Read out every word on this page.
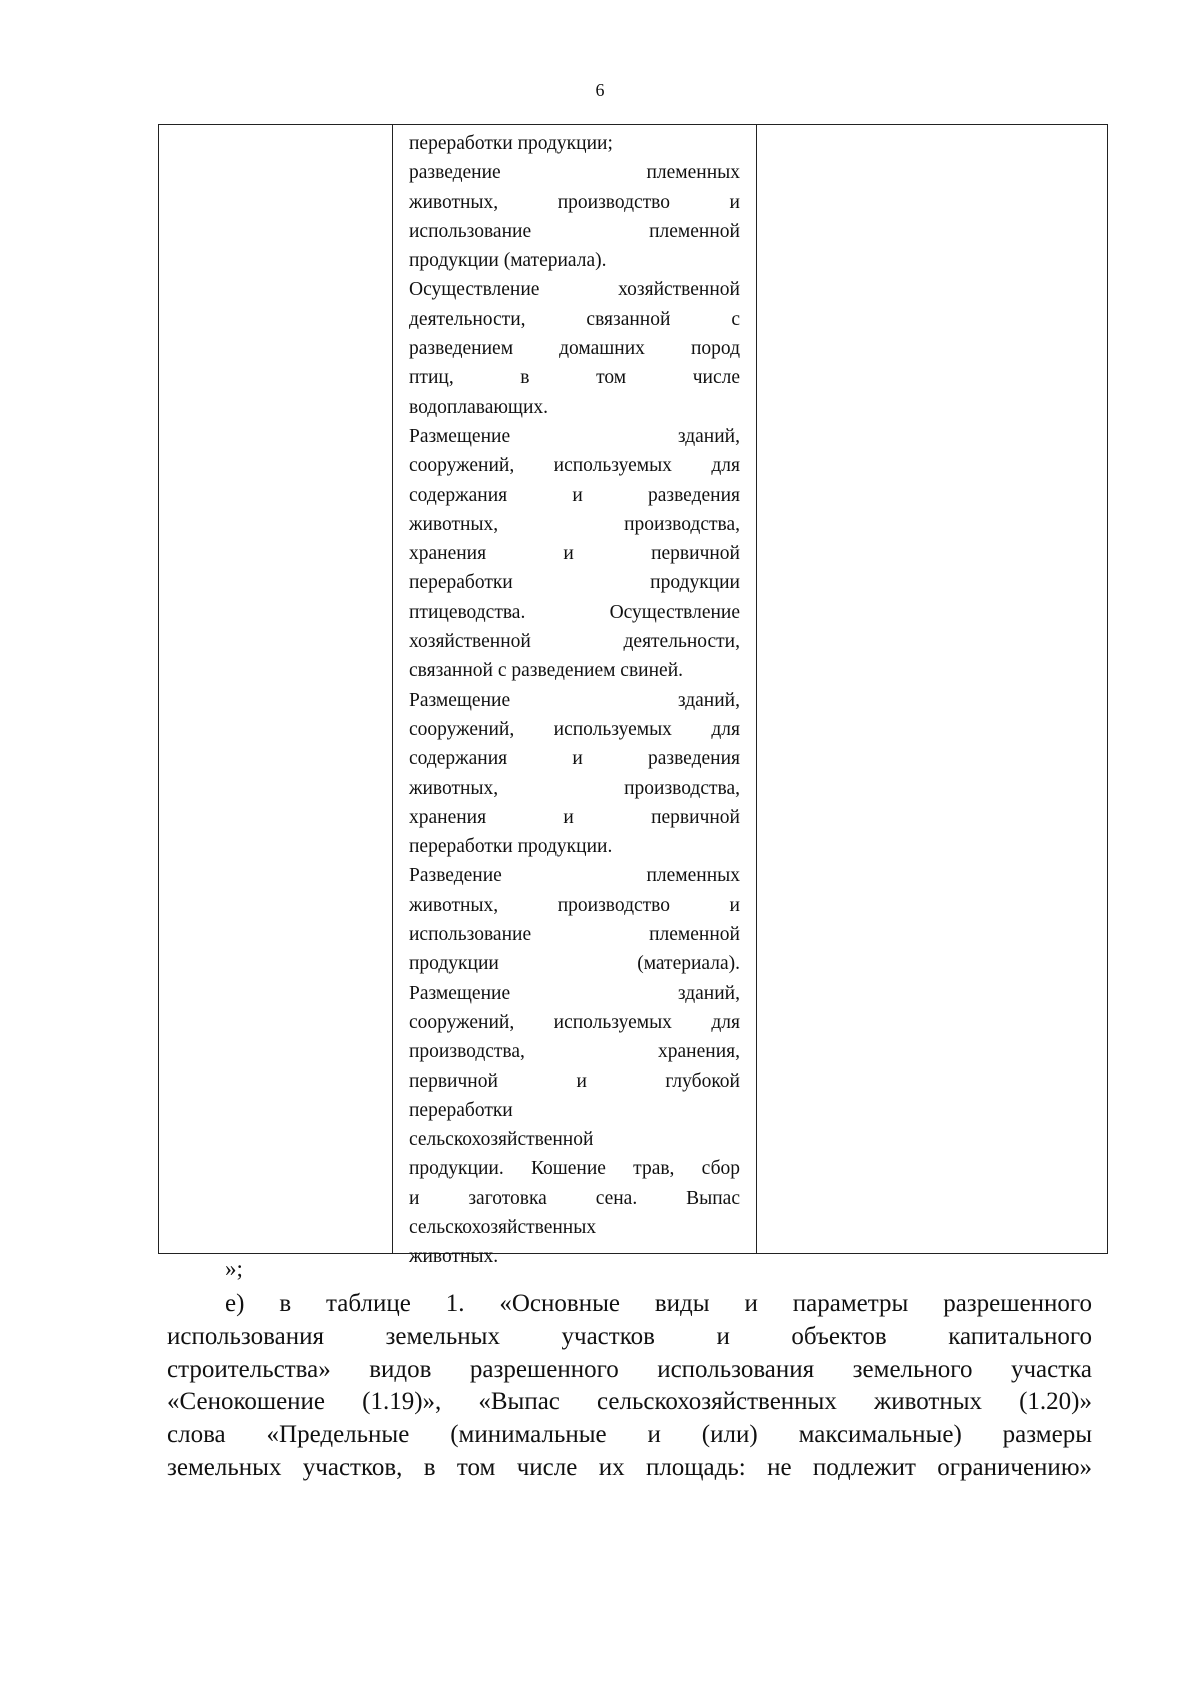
6

переработки продукции;
разведение племенных
животных, производство и
использование племенной
продукции (материала).
Осуществление хозяйственной
деятельности, связанной с
разведением домашних пород
птиц, в том числе
водоплавающих.
Размещение зданий,
сооружений, используемых для
содержания и разведения
животных, производства,
хранения и первичной
переработки продукции
птицеводства. Осуществление
хозяйственной деятельности,
связанной с разведением свиней.
Размещение зданий,
сооружений, используемых для
содержания и разведения
животных, производства,
хранения и первичной
переработки продукции.
Разведение племенных
животных, производство и
использование племенной
продукции (материала).
Размещение зданий,
сооружений, используемых для
производства, хранения,
первичной и глубокой
переработки
сельскохозяйственной
продукции. Кошение трав, сбор
и заготовка сена. Выпас
сельскохозяйственных
животных.

»;
е) в таблице 1. «Основные виды и параметры разрешенного
использования земельных участков и объектов капитального
строительства» видов разрешенного использования земельного участка
«Сенокошение (1.19)», «Выпас сельскохозяйственных животных (1.20)»
слова «Предельные (минимальные и (или) максимальные) размеры
земельных участков, в том числе их площадь: не подлежит ограничению»
